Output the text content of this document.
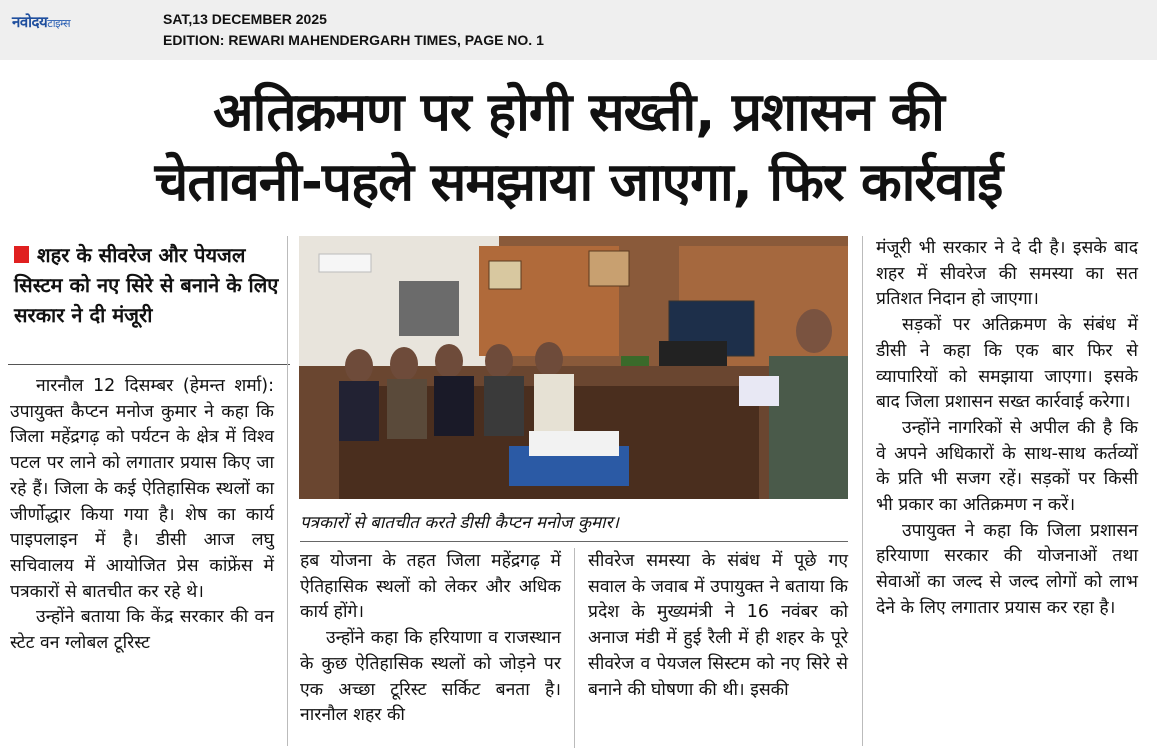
नवोदयटाइम्स	SAT,13 DECEMBER 2025
EDITION: REWARI MAHENDERGARH TIMES, PAGE NO. 1
अतिक्रमण पर होगी सख्ती, प्रशासन की
चेतावनी-पहले समझाया जाएगा, फिर कार्रवाई
शहर के सीवरेज और पेयजल सिस्टम को नए सिरे से बनाने के लिए सरकार ने दी मंजूरी

नारनौल 12 दिसम्बर (हेमन्त शर्मा): उपायुक्त कैप्टन मनोज कुमार ने कहा कि जिला महेंद्रगढ़ को पर्यटन के क्षेत्र में विश्व पटल पर लाने को लगातार प्रयास किए जा रहे हैं। जिला के कई ऐतिहासिक स्थलों का जीर्णोद्धार किया गया है। शेष का कार्य पाइपलाइन में है। डीसी आज लघु सचिवालय में आयोजित प्रेस कांफ्रेंस में पत्रकारों से बातचीत कर रहे थे।

उन्होंने बताया कि केंद्र सरकार की वन स्टेट वन ग्लोबल टूरिस्ट

पत्रकारों से बातचीत करते डीसी कैप्टन मनोज कुमार।

हब योजना के तहत जिला महेंद्रगढ़ में ऐतिहासिक स्थलों को लेकर और अधिक कार्य होंगे।

उन्होंने कहा कि हरियाणा व राजस्थान के कुछ ऐतिहासिक स्थलों को जोड़ने पर एक अच्छा टूरिस्ट सर्किट बनता है। नारनौल शहर की

सीवरेज समस्या के संबंध में पूछे गए सवाल के जवाब में उपायुक्त ने बताया कि प्रदेश के मुख्यमंत्री ने 16 नवंबर को अनाज मंडी में हुई रैली में ही शहर के पूरे सीवरेज व पेयजल सिस्टम को नए सिरे से बनाने की घोषणा की थी। इसकी

मंजूरी भी सरकार ने दे दी है। इसके बाद शहर में सीवरेज की समस्या का सत प्रतिशत निदान हो जाएगा।

सड़कों पर अतिक्रमण के संबंध में डीसी ने कहा कि एक बार फिर से व्यापारियों को समझाया जाएगा। इसके बाद जिला प्रशासन सख्त कार्रवाई करेगा।

उन्होंने नागरिकों से अपील की है कि वे अपने अधिकारों के साथ-साथ कर्तव्यों के प्रति भी सजग रहें। सड़कों पर किसी भी प्रकार का अतिक्रमण न करें।

उपायुक्त ने कहा कि जिला प्रशासन हरियाणा सरकार की योजनाओं तथा सेवाओं का जल्द से जल्द लोगों को लाभ देने के लिए लगातार प्रयास कर रहा है।
